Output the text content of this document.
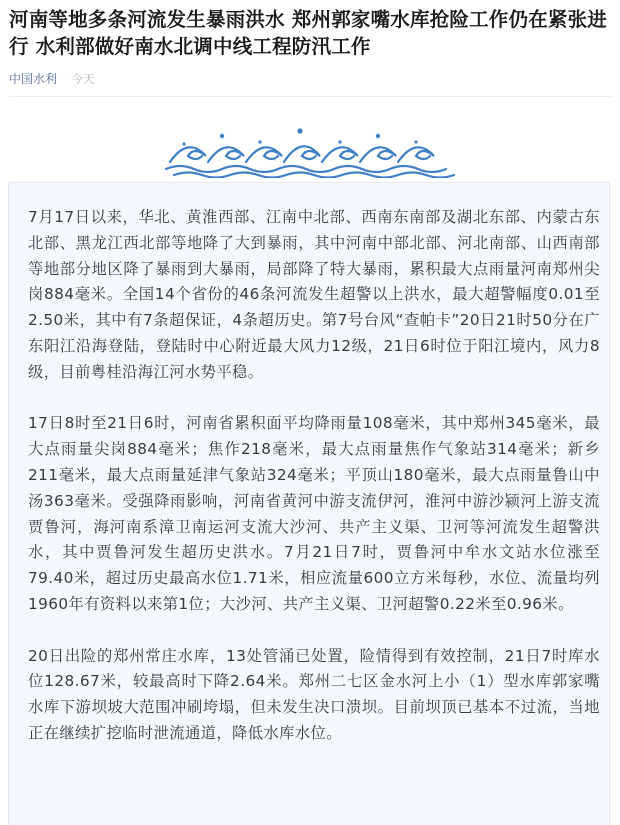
河南等地多条河流发生暴雨洪水 郑州郭家嘴水库抢险工作仍在紧张进行 水利部做好南水北调中线工程防汛工作
中国水利 今天

7月17日以来，华北、黄淮西部、江南中北部、西南东南部及湖北东部、内蒙古东北部、黑龙江西北部等地降了大到暴雨，其中河南中部北部、河北南部、山西南部等地部分地区降了暴雨到大暴雨，局部降了特大暴雨，累积最大点雨量河南郑州尖岗884毫米。全国14个省份的46条河流发生超警以上洪水，最大超警幅度0.01至2.50米，其中有7条超保证，4条超历史。第7号台风“查帕卡”20日21时50分在广东阳江沿海登陆，登陆时中心附近最大风力12级，21日6时位于阳江境内，风力8级，目前粤桂沿海江河水势平稳。

17日8时至21日6时，河南省累积面平均降雨量108毫米，其中郑州345毫米，最大点雨量尖岗884毫米；焦作218毫米，最大点雨量焦作气象站314毫米；新乡211毫米，最大点雨量延津气象站324毫米；平顶山180毫米，最大点雨量鲁山中汤363毫米。受强降雨影响，河南省黄河中游支流伊河，淮河中游沙颍河上游支流贾鲁河，海河南系漳卫南运河支流大沙河、共产主义渠、卫河等河流发生超警洪水，其中贾鲁河发生超历史洪水。7月21日7时，贾鲁河中牟水文站水位涨至79.40米，超过历史最高水位1.71米，相应流量600立方米每秒，水位、流量均列1960年有资料以来第1位；大沙河、共产主义渠、卫河超警0.22米至0.96米。

20日出险的郑州常庄水库，13处管涌已处置，险情得到有效控制，21日7时库水位128.67米，较最高时下降2.64米。郑州二七区金水河上小（1）型水库郭家嘴水库下游坝坡大范围冲刷垮塌，但未发生决口溃坝。目前坝顶已基本不过流，当地正在继续扩挖临时泄流通道，降低水库水位。
